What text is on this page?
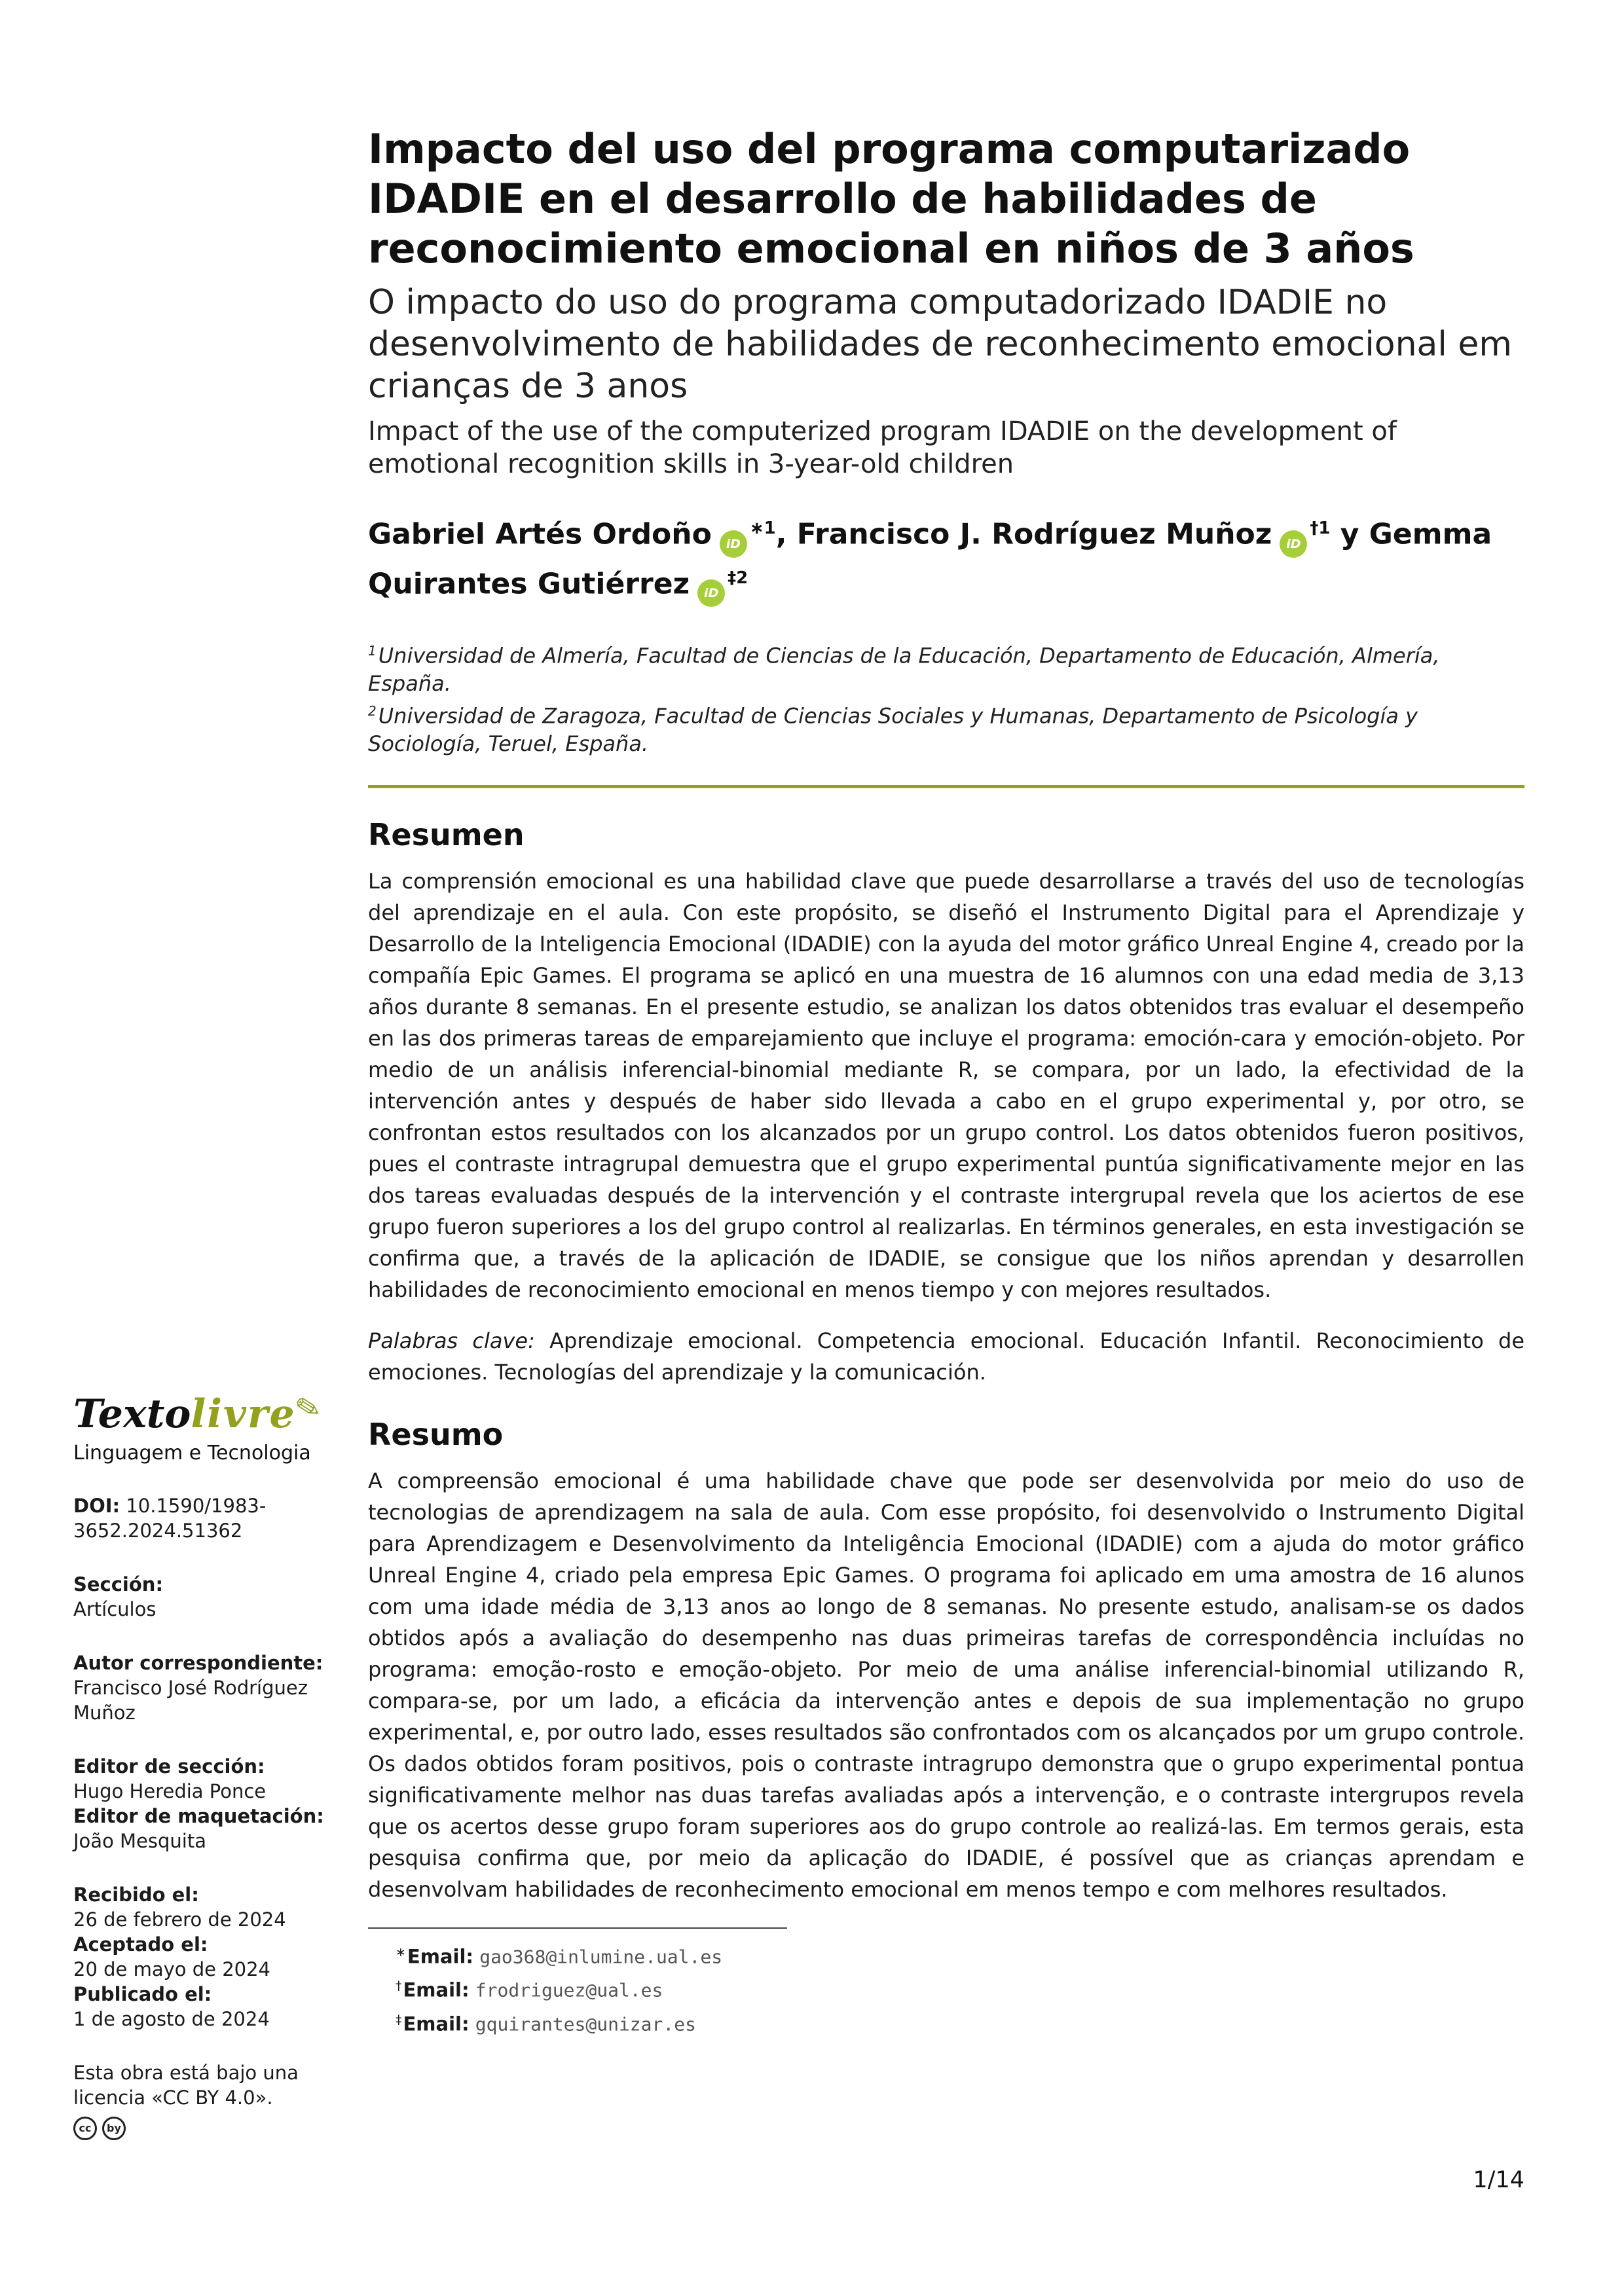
Textolivre✎
Linguagem e Tecnologia

DOI: 10.1590/1983-3652.2024.51362

Sección:

Artículos

Autor correspondiente:

Francisco José Rodríguez Muñoz

Editor de sección:

Hugo Heredia Ponce

Editor de maquetación:

João Mesquita

Recibido el:

26 de febrero de 2024

Aceptado el:

20 de mayo de 2024

Publicado el:

1 de agosto de 2024

Esta obra está bajo una licencia «CC BY 4.0».

cc	by
Impacto del uso del programa computarizado IDADIE en el desarrollo de habilidades de reconocimiento emocional en niños de 3 años
O impacto do uso do programa computadorizado IDADIE no desenvolvimento de habilidades de reconhecimento emocional em crianças de 3 anos
Impact of the use of the computerized program IDADIE on the development of emotional recognition skills in 3-year-old children

Gabriel Artés Ordoño $iD^{∗1}$, Francisco J. Rodríguez Muñoz $iD^{\dagger 1}$ y Gemma Quirantes Gutiérrez $iD^{\ddagger 2}$

$^1$Universidad de Almería, Facultad de Ciencias de la Educación, Departamento de Educación, Almería, España.

$^2$Universidad de Zaragoza, Facultad de Ciencias Sociales y Humanas, Departamento de Psicología y Sociología, Teruel, España.

Resumen

La comprensión emocional es una habilidad clave que puede desarrollarse a través del uso de tecnologías del aprendizaje en el aula. Con este propósito, se diseñó el Instrumento Digital para el Aprendizaje y Desarrollo de la Inteligencia Emocional (IDADIE) con la ayuda del motor gráfico Unreal Engine 4, creado por la compañía Epic Games. El programa se aplicó en una muestra de 16 alumnos con una edad media de 3,13 años durante 8 semanas. En el presente estudio, se analizan los datos obtenidos tras evaluar el desempeño en las dos primeras tareas de emparejamiento que incluye el programa: emoción-cara y emoción-objeto. Por medio de un análisis inferencial-binomial mediante R, se compara, por un lado, la efectividad de la intervención antes y después de haber sido llevada a cabo en el grupo experimental y, por otro, se confrontan estos resultados con los alcanzados por un grupo control. Los datos obtenidos fueron positivos, pues el contraste intragrupal demuestra que el grupo experimental puntúa significativamente mejor en las dos tareas evaluadas después de la intervención y el contraste intergrupal revela que los aciertos de ese grupo fueron superiores a los del grupo control al realizarlas. En términos generales, en esta investigación se confirma que, a través de la aplicación de IDADIE, se consigue que los niños aprendan y desarrollen habilidades de reconocimiento emocional en menos tiempo y con mejores resultados.

Palabras clave: Aprendizaje emocional. Competencia emocional. Educación Infantil. Reconocimiento de emociones. Tecnologías del aprendizaje y la comunicación.

Resumo

A compreensão emocional é uma habilidade chave que pode ser desenvolvida por meio do uso de tecnologias de aprendizagem na sala de aula. Com esse propósito, foi desenvolvido o Instrumento Digital para Aprendizagem e Desenvolvimento da Inteligência Emocional (IDADIE) com a ajuda do motor gráfico Unreal Engine 4, criado pela empresa Epic Games. O programa foi aplicado em uma amostra de 16 alunos com uma idade média de 3,13 anos ao longo de 8 semanas. No presente estudo, analisam-se os dados obtidos após a avaliação do desempenho nas duas primeiras tarefas de correspondência incluídas no programa: emoção-rosto e emoção-objeto. Por meio de uma análise inferencial-binomial utilizando R, compara-se, por um lado, a eficácia da intervenção antes e depois de sua implementação no grupo experimental, e, por outro lado, esses resultados são confrontados com os alcançados por um grupo controle. Os dados obtidos foram positivos, pois o contraste intragrupo demonstra que o grupo experimental pontua significativamente melhor nas duas tarefas avaliadas após a intervenção, e o contraste intergrupos revela que os acertos desse grupo foram superiores aos do grupo controle ao realizá-las. Em termos gerais, esta pesquisa confirma que, por meio da aplicação do IDADIE, é possível que as crianças aprendam e desenvolvam habilidades de reconhecimento emocional em menos tempo e com melhores resultados.

∗Email: gao368@inlumine.ual.es

†Email: frodriguez@ual.es

‡Email: gquirantes@unizar.es

1/14
